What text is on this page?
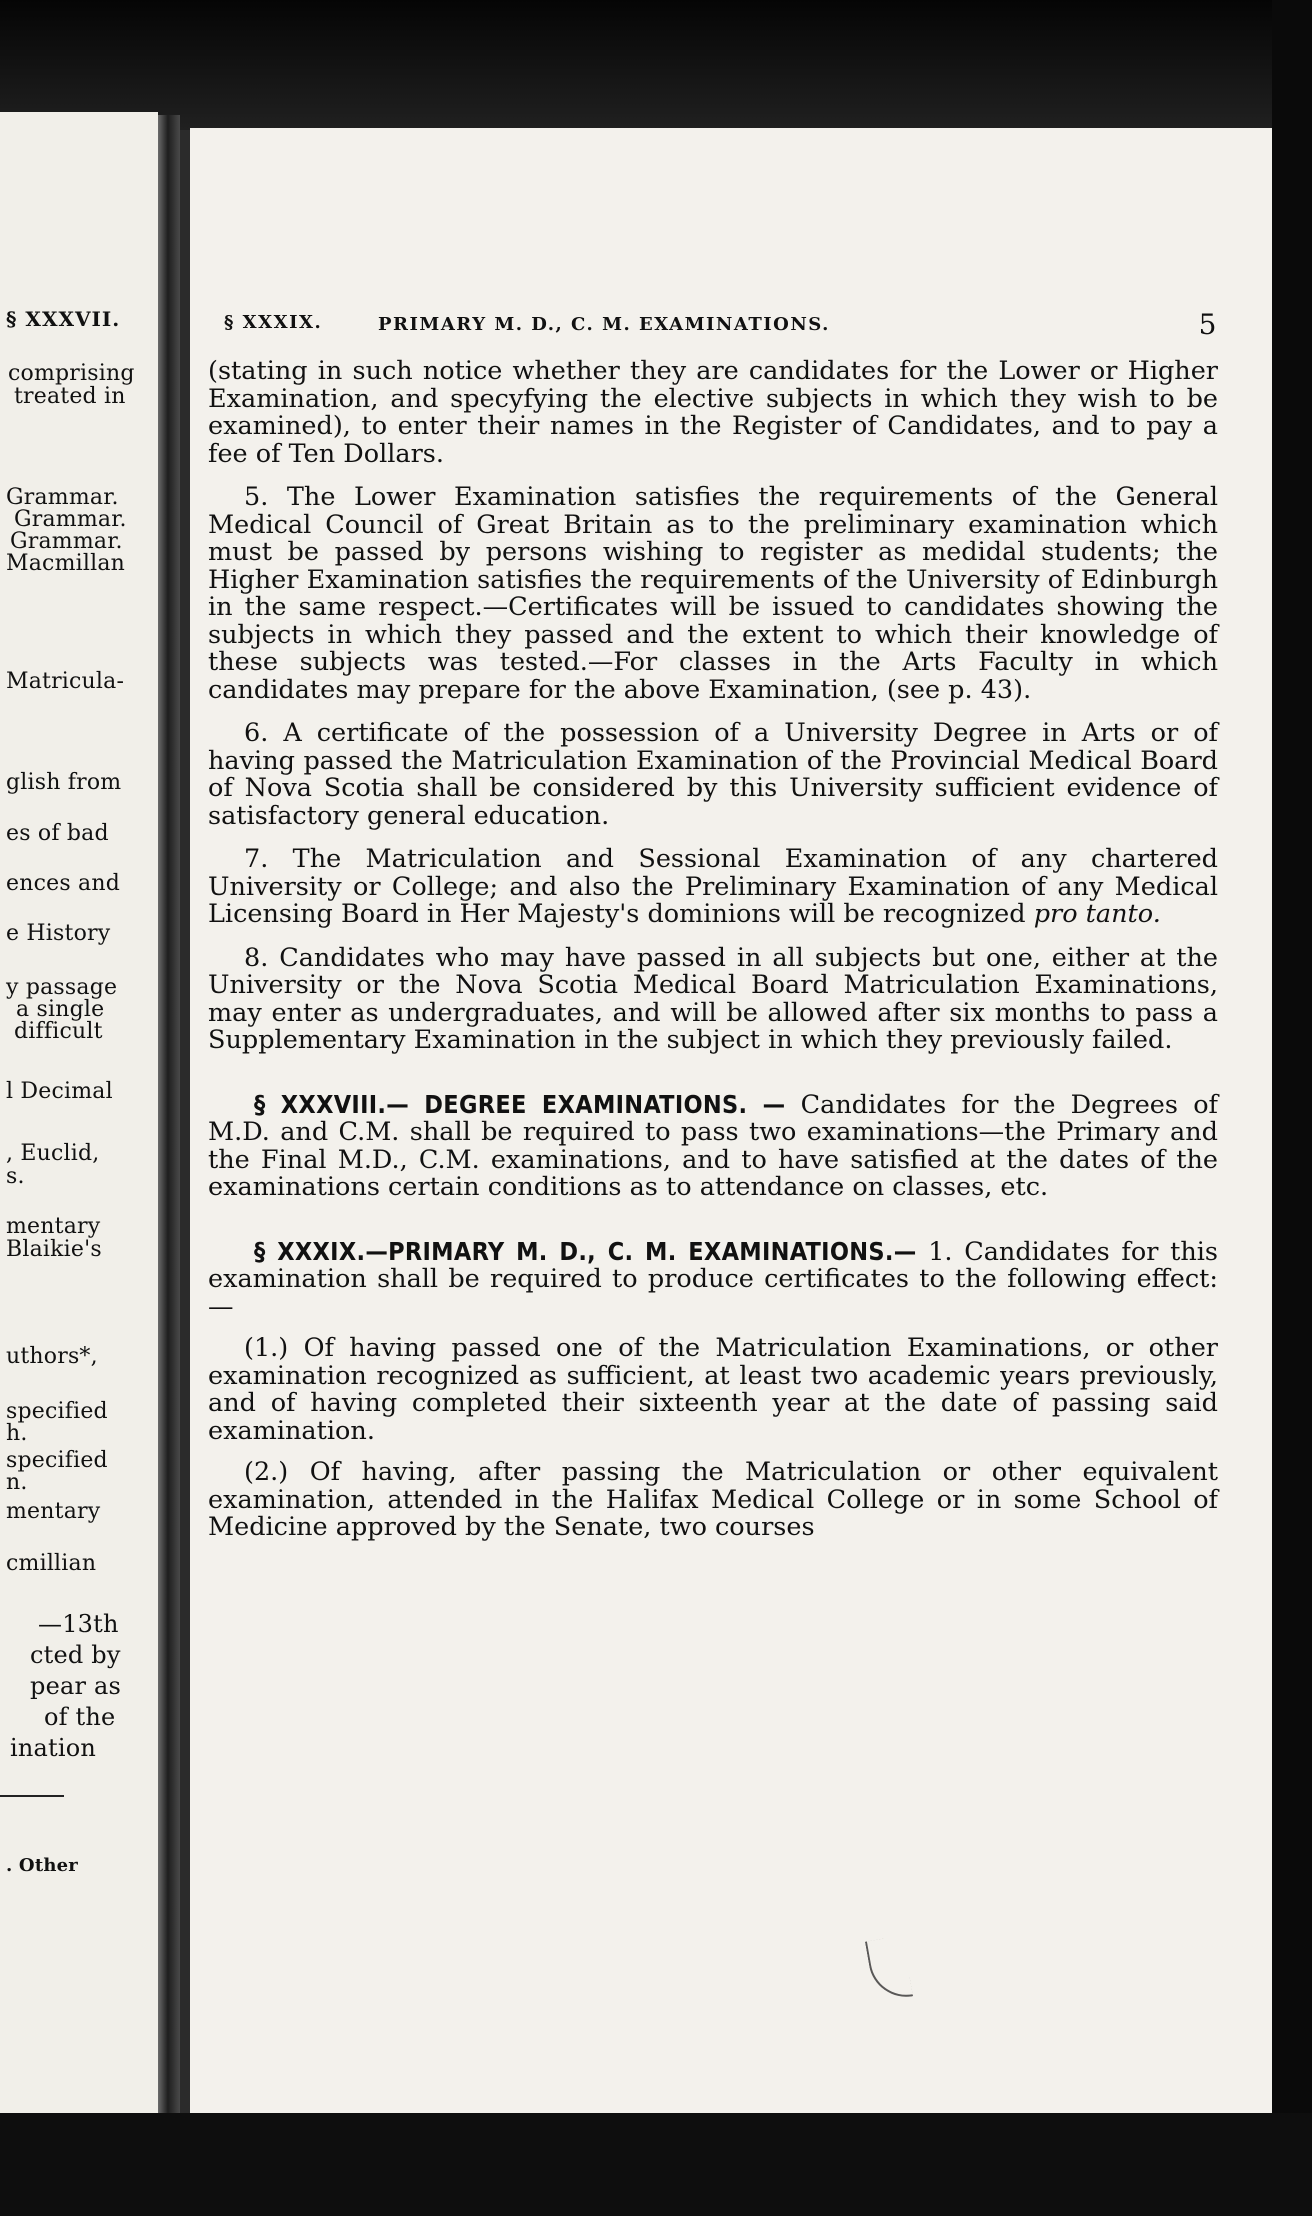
§ XXXVII.
comprising
treated in
Grammar.
Grammar.
Grammar.
Macmillan
Matricula-
glish from
es of bad
ences and
e History
y passage
a single
difficult
l Decimal
, Euclid,
s.
mentary
Blaikie's
uthors*,
specified
h.
specified
n.
mentary
cmillian
—13th
cted by
pear as
of the
ination
. Other
§ XXXIX.	PRIMARY M. D., C. M. EXAMINATIONS.	5

(stating in such notice whether they are candidates for the Lower or Higher Examination, and specyfying the elective subjects in which they wish to be examined), to enter their names in the Register of Candidates, and to pay a fee of Ten Dollars.

5. The Lower Examination satisfies the requirements of the General Medical Council of Great Britain as to the preliminary examination which must be passed by persons wishing to register as medidal students; the Higher Examination satisfies the requirements of the University of Edinburgh in the same respect.—Certificates will be issued to candidates showing the subjects in which they passed and the extent to which their knowledge of these subjects was tested.—For classes in the Arts Faculty in which candidates may prepare for the above Examination, (see p. 43).

6. A certificate of the possession of a University Degree in Arts or of having passed the Matriculation Examination of the Provincial Medical Board of Nova Scotia shall be considered by this University sufficient evidence of satisfactory general education.

7. The Matriculation and Sessional Examination of any chartered University or College; and also the Preliminary Examination of any Medical Licensing Board in Her Majesty's dominions will be recognized pro tanto.

8. Candidates who may have passed in all subjects but one, either at the University or the Nova Scotia Medical Board Matriculation Examinations, may enter as undergraduates, and will be allowed after six months to pass a Supplementary Examination in the subject in which they previously failed.

§ XXXVIII.— DEGREE EXAMINATIONS. — Candidates for the Degrees of M.D. and C.M. shall be required to pass two examinations—the Primary and the Final M.D., C.M. examinations, and to have satisfied at the dates of the examinations certain conditions as to attendance on classes, etc.

§ XXXIX.—PRIMARY M. D., C. M. EXAMINATIONS.— 1. Candidates for this examination shall be required to produce certificates to the following effect:—

(1.) Of having passed one of the Matriculation Examinations, or other examination recognized as sufficient, at least two academic years previously, and of having completed their sixteenth year at the date of passing said examination.

(2.) Of having, after passing the Matriculation or other equivalent examination, attended in the Halifax Medical College or in some School of Medicine approved by the Senate, two courses
